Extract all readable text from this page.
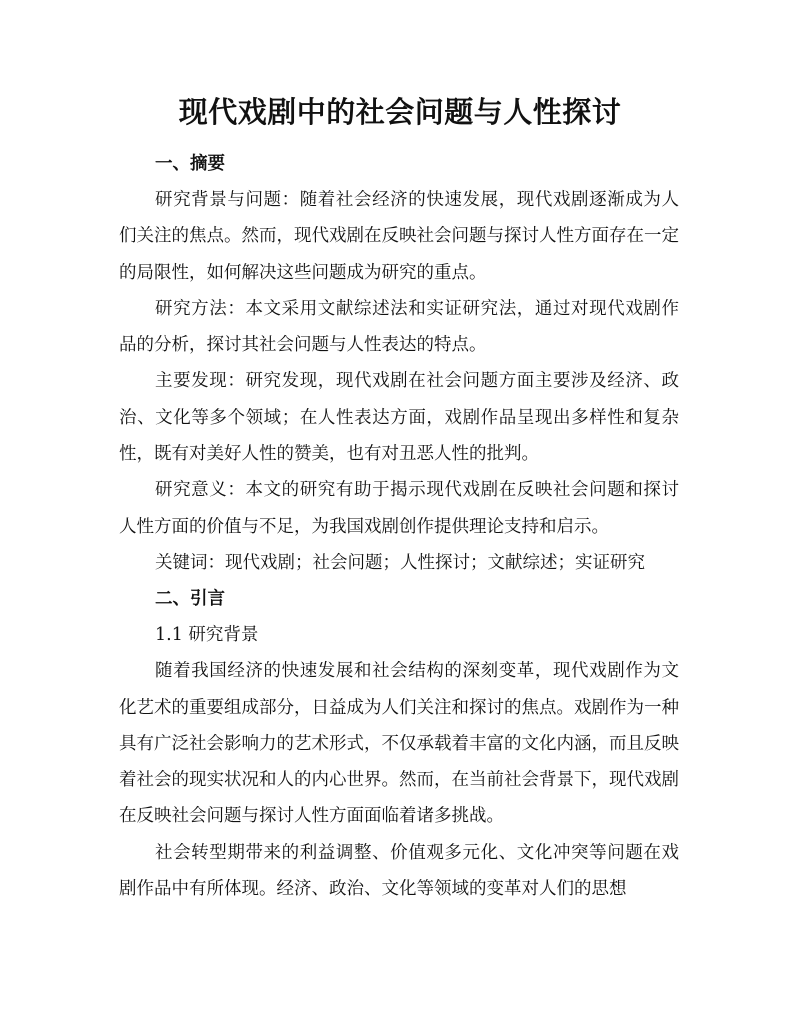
现代戏剧中的社会问题与人性探讨
一、摘要

研究背景与问题：随着社会经济的快速发展，现代戏剧逐渐成为人们关注的焦点。然而，现代戏剧在反映社会问题与探讨人性方面存在一定的局限性，如何解决这些问题成为研究的重点。

研究方法：本文采用文献综述法和实证研究法，通过对现代戏剧作品的分析，探讨其社会问题与人性表达的特点。

主要发现：研究发现，现代戏剧在社会问题方面主要涉及经济、政治、文化等多个领域；在人性表达方面，戏剧作品呈现出多样性和复杂性，既有对美好人性的赞美，也有对丑恶人性的批判。

研究意义：本文的研究有助于揭示现代戏剧在反映社会问题和探讨人性方面的价值与不足，为我国戏剧创作提供理论支持和启示。

关键词：现代戏剧；社会问题；人性探讨；文献综述；实证研究

二、引言
1.1 研究背景

随着我国经济的快速发展和社会结构的深刻变革，现代戏剧作为文化艺术的重要组成部分，日益成为人们关注和探讨的焦点。戏剧作为一种具有广泛社会影响力的艺术形式，不仅承载着丰富的文化内涵，而且反映着社会的现实状况和人的内心世界。然而，在当前社会背景下，现代戏剧在反映社会问题与探讨人性方面面临着诸多挑战。

社会转型期带来的利益调整、价值观多元化、文化冲突等问题在戏剧作品中有所体现。经济、政治、文化等领域的变革对人们的思想
